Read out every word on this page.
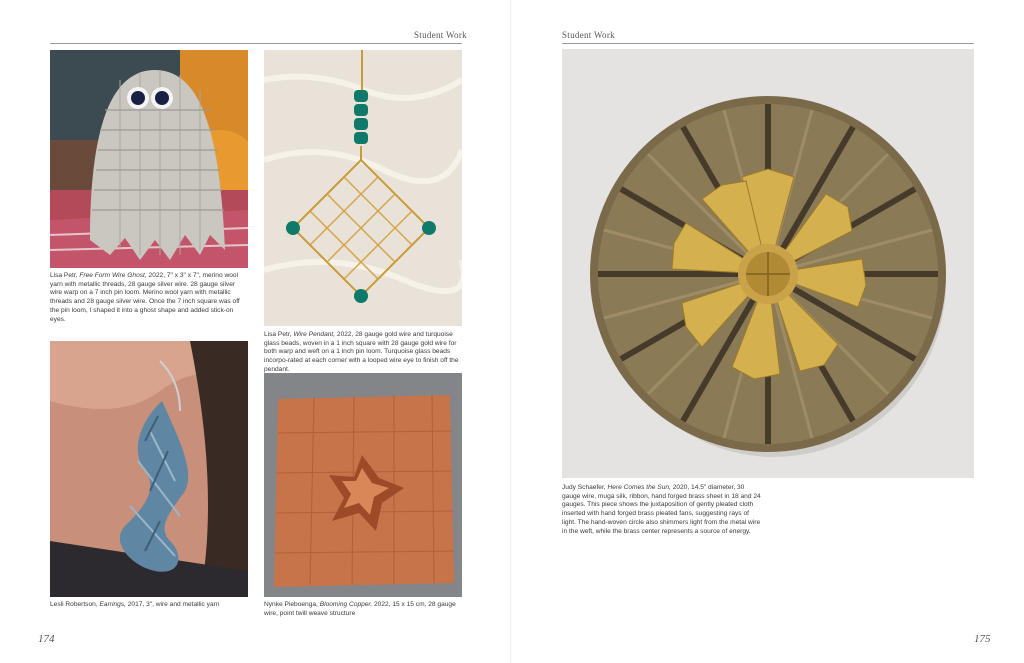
Student Work
Lisa Petr, Free Form Wire Ghost, 2022, 7" x 3" x 7", merino wool yarn with metallic threads, 28 gauge silver wire. 28 gauge silver wire warp on a 7 inch pin loom. Merino wool yarn with metallic threads and 28 gauge silver wire. Once the 7 inch square was off the pin loom, I shaped it into a ghost shape and added stick-on eyes.
Lisa Petr, Wire Pendant, 2022, 28 gauge gold wire and turquoise glass beads, woven in a 1 inch square with 28 gauge gold wire for both warp and weft on a 1 inch pin loom. Turquoise glass beads incorpo-rated at each corner with a looped wire eye to finish off the pendant.
Lesli Robertson, Earrings, 2017, 3", wire and metallic yarn	Nynke Pieboenga, Blooming Copper, 2022, 15 x 15 cm, 28 gauge wire, point twill weave structure
174
Student Work
Judy Schaefer, Here Comes the Sun, 2020, 14.5" diameter, 30 gauge wire, muga silk, ribbon, hand forged brass sheet in 18 and 24 gauges. This piece shows the juxtaposition of gently pleated cloth inserted with hand forged brass pleated fans, suggesting rays of light. The hand-woven circle also shimmers light from the metal wire in the weft, while the brass center represents a source of energy.
175
